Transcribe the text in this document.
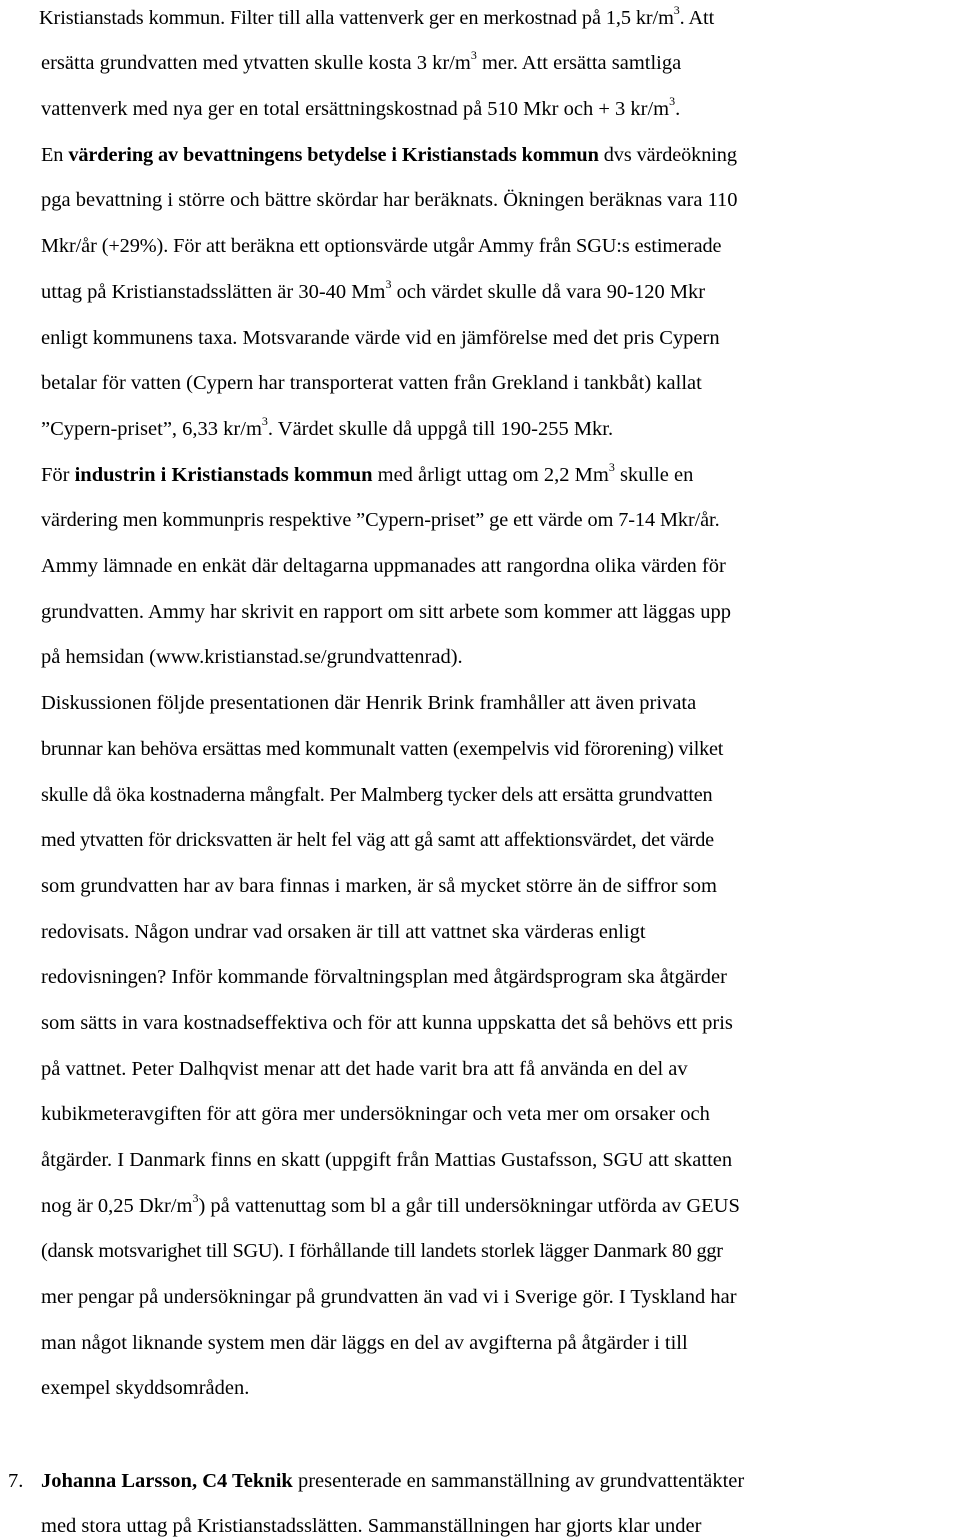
Kristianstads kommun. Filter till alla vattenverk ger en merkostnad på 1,5 $kr/m^3$. Att
ersätta grundvatten med ytvatten skulle kosta 3 $kr/m^3$ mer. Att ersätta samtliga
vattenverk med nya ger en total ersättningskostnad på 510 Mkr och + 3 $kr/m^3$.
En värdering av bevattningens betydelse i Kristianstads kommun dvs värdeökning
pga bevattning i större och bättre skördar har beräknats. Ökningen beräknas vara 110
Mkr/år (+29%). För att beräkna ett optionsvärde utgår Ammy från SGU:s estimerade
uttag på Kristianstadsslätten är 30-40 Mm$^3$ och värdet skulle då vara 90-120 Mkr
enligt kommunens taxa. Motsvarande värde vid en jämförelse med det pris Cypern
betalar för vatten (Cypern har transporterat vatten från Grekland i tankbåt) kallat
”Cypern-priset”, 6,33 $kr/m^3$. Värdet skulle då uppgå till 190-255 Mkr.
För industrin i Kristianstads kommun med årligt uttag om 2,2 Mm$^3$ skulle en
värdering men kommunpris respektive ”Cypern-priset” ge ett värde om 7-14 Mkr/år.
Ammy lämnade en enkät där deltagarna uppmanades att rangordna olika värden för
grundvatten. Ammy har skrivit en rapport om sitt arbete som kommer att läggas upp
på hemsidan (www.kristianstad.se/grundvattenrad).
Diskussionen följde presentationen där Henrik Brink framhåller att även privata
brunnar kan behöva ersättas med kommunalt vatten (exempelvis vid förorening) vilket
skulle då öka kostnaderna mångfalt. Per Malmberg tycker dels att ersätta grundvatten
med ytvatten för dricksvatten är helt fel väg att gå samt att affektionsvärdet, det värde
som grundvatten har av bara finnas i marken, är så mycket större än de siffror som
redovisats. Någon undrar vad orsaken är till att vattnet ska värderas enligt
redovisningen? Inför kommande förvaltningsplan med åtgärdsprogram ska åtgärder
som sätts in vara kostnadseffektiva och för att kunna uppskatta det så behövs ett pris
på vattnet. Peter Dalhqvist menar att det hade varit bra att få använda en del av
kubikmeteravgiften för att göra mer undersökningar och veta mer om orsaker och
åtgärder. I Danmark finns en skatt (uppgift från Mattias Gustafsson, SGU att skatten
nog är 0,25 Dkr/$m^3$) på vattenuttag som bl a går till undersökningar utförda av GEUS
(dansk motsvarighet till SGU). I förhållande till landets storlek lägger Danmark 80 ggr
mer pengar på undersökningar på grundvatten än vad vi i Sverige gör. I Tyskland har
man något liknande system men där läggs en del av avgifterna på åtgärder i till
exempel skyddsområden.
7. Johanna Larsson, C4 Teknik presenterade en sammanställning av grundvattentäkter
med stora uttag på Kristianstadsslätten. Sammanställningen har gjorts klar under
